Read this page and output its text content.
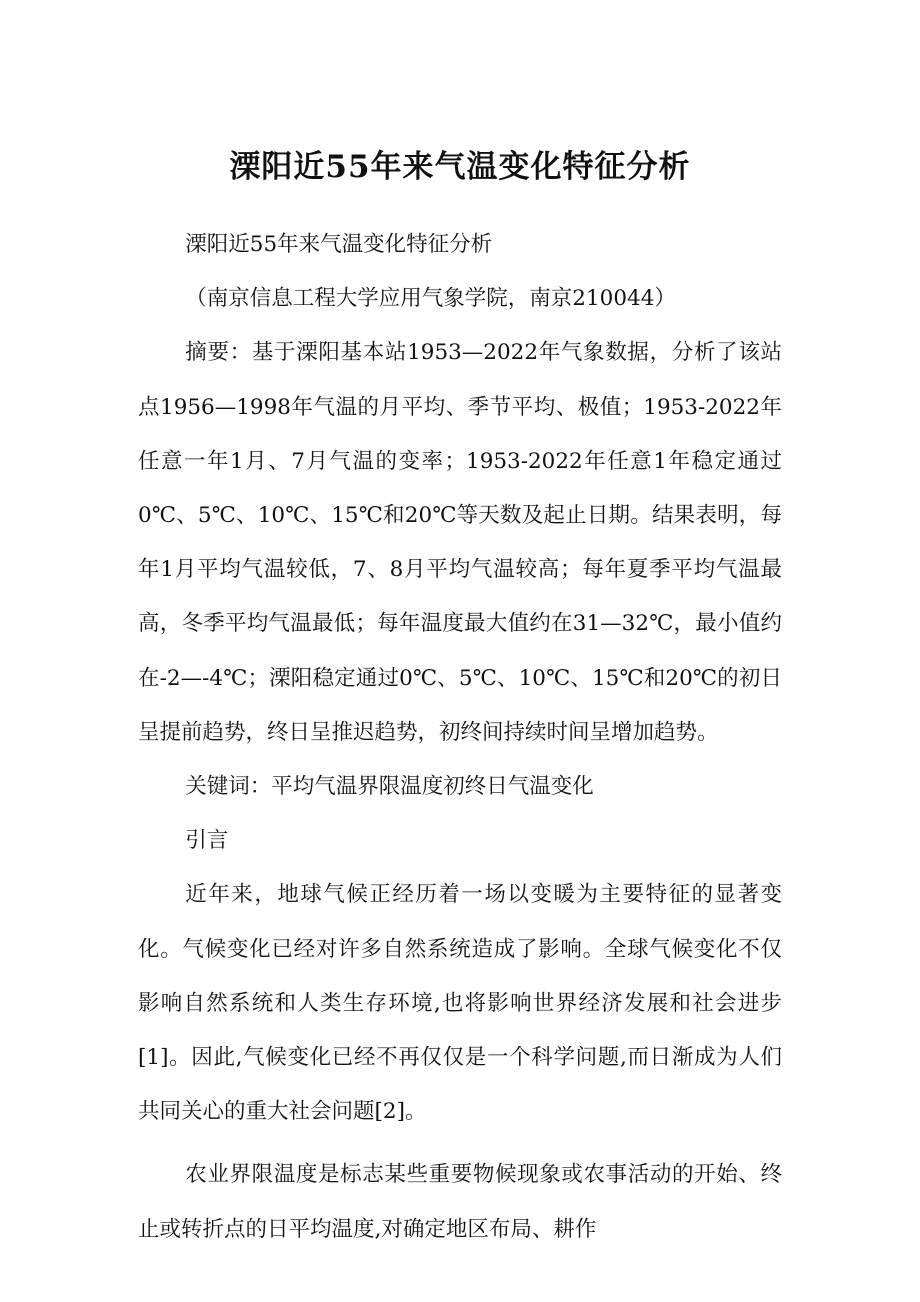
溧阳近55年来气温变化特征分析

溧阳近55年来气温变化特征分析

（南京信息工程大学应用气象学院，南京210044）

摘要：基于溧阳基本站1953—2022年气象数据，分析了该站点1956—1998年气温的月平均、季节平均、极值；1953-2022年任意一年1月、7月气温的变率；1953-2022年任意1年稳定通过0℃、5℃、10℃、15℃和20℃等天数及起止日期。结果表明，每年1月平均气温较低，7、8月平均气温较高；每年夏季平均气温最高，冬季平均气温最低；每年温度最大值约在31—32℃，最小值约在-2—-4℃；溧阳稳定通过0℃、5℃、10℃、15℃和20℃的初日呈提前趋势，终日呈推迟趋势，初终间持续时间呈增加趋势。

关键词：平均气温界限温度初终日气温变化

引言

近年来，地球气候正经历着一场以变暖为主要特征的显著变化。气候变化已经对许多自然系统造成了影响。全球气候变化不仅影响自然系统和人类生存环境,也将影响世界经济发展和社会进步[1]。因此,气候变化已经不再仅仅是一个科学问题,而日渐成为人们共同关心的重大社会问题[2]。

农业界限温度是标志某些重要物候现象或农事活动的开始、终止或转折点的日平均温度,对确定地区布局、耕作
